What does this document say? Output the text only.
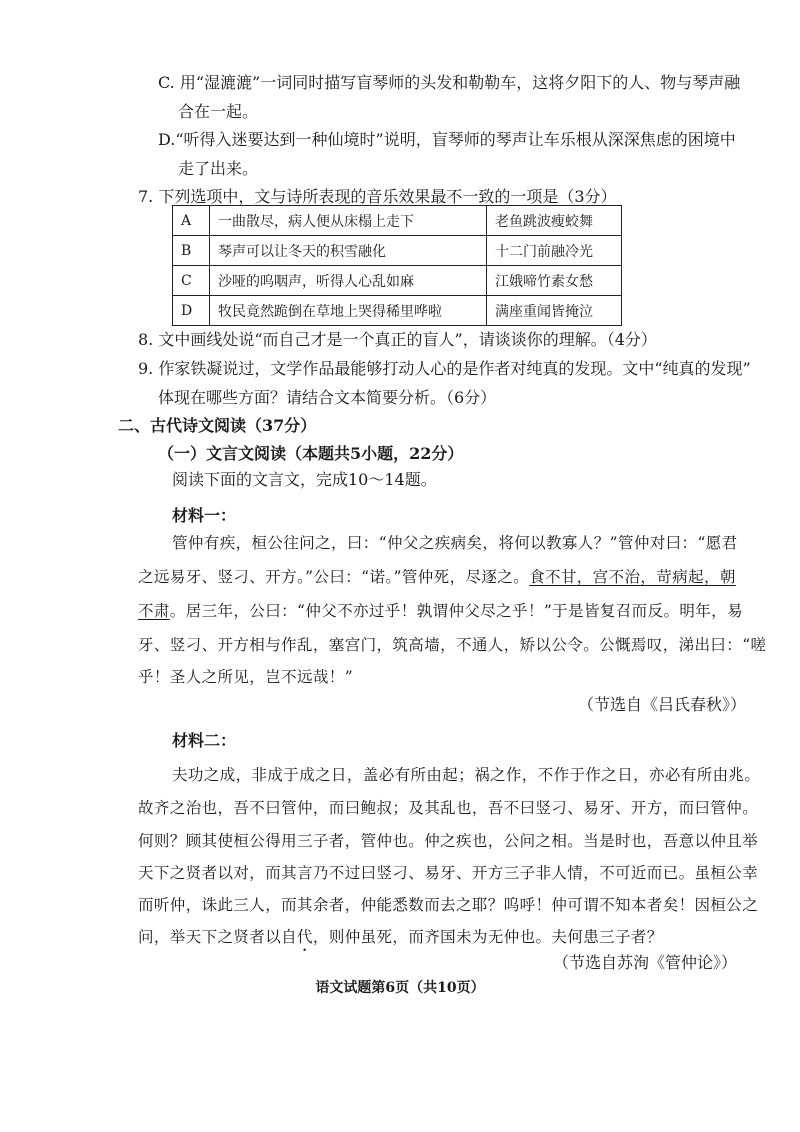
C. 用“湿漉漉”一词同时描写盲琴师的头发和勒勒车，这将夕阳下的人、物与琴声融
合在一起。
D.“听得入迷要达到一种仙境时”说明，盲琴师的琴声让车乐根从深深焦虑的困境中
走了出来。
7. 下列选项中，文与诗所表现的音乐效果最不一致的一项是（3分）
A	一曲散尽，病人便从床榻上走下	老鱼跳波瘦蛟舞
B	琴声可以让冬天的积雪融化	十二门前融冷光
C	沙哑的呜咽声，听得人心乱如麻	江娥啼竹素女愁
D	牧民竟然跪倒在草地上哭得稀里哗啦	满座重闻皆掩泣
8. 文中画线处说“而自己才是一个真正的盲人”，请谈谈你的理解。（4分）
9. 作家铁凝说过，文学作品最能够打动人心的是作者对纯真的发现。文中“纯真的发现”
体现在哪些方面？请结合文本简要分析。（6分）
二、古代诗文阅读（37分）
（一）文言文阅读（本题共5小题，22分）
阅读下面的文言文，完成10～14题。
材料一：
管仲有疾，桓公往问之，曰：“仲父之疾病矣，将何以教寡人？”管仲对曰：“愿君
之远易牙、竖刁、开方。”公曰：“诺。”管仲死，尽逐之。食不甘，宫不治，苛病起，朝
不肃。居三年，公曰：“仲父不亦过乎！孰谓仲父尽之乎！”于是皆复召而反。明年，易
牙、竖刁、开方相与作乱，塞宫门，筑高墙，不通人，矫以公令。公慨焉叹，涕出曰：“嗟
乎！圣人之所见，岂不远哉！”
（节选自《吕氏春秋》）
材料二：
夫功之成，非成于成之日，盖必有所由起；祸之作，不作于作之日，亦必有所由兆。
故齐之治也，吾不曰管仲，而曰鲍叔；及其乱也，吾不曰竖刁、易牙、开方，而曰管仲。
何则？顾其使桓公得用三子者，管仲也。仲之疾也，公问之相。当是时也，吾意以仲且举
天下之贤者以对，而其言乃不过曰竖刁、易牙、开方三子非人情，不可近而已。虽桓公幸
而听仲，诛此三人，而其余者，仲能悉数而去之耶？呜呼！仲可谓不知本者矣！因桓公之
问，举天下之贤者以自代，则仲虽死，而齐国未为无仲也。夫何患三子者？
（节选自苏洵《管仲论》）
语文试题第6页（共10页）
